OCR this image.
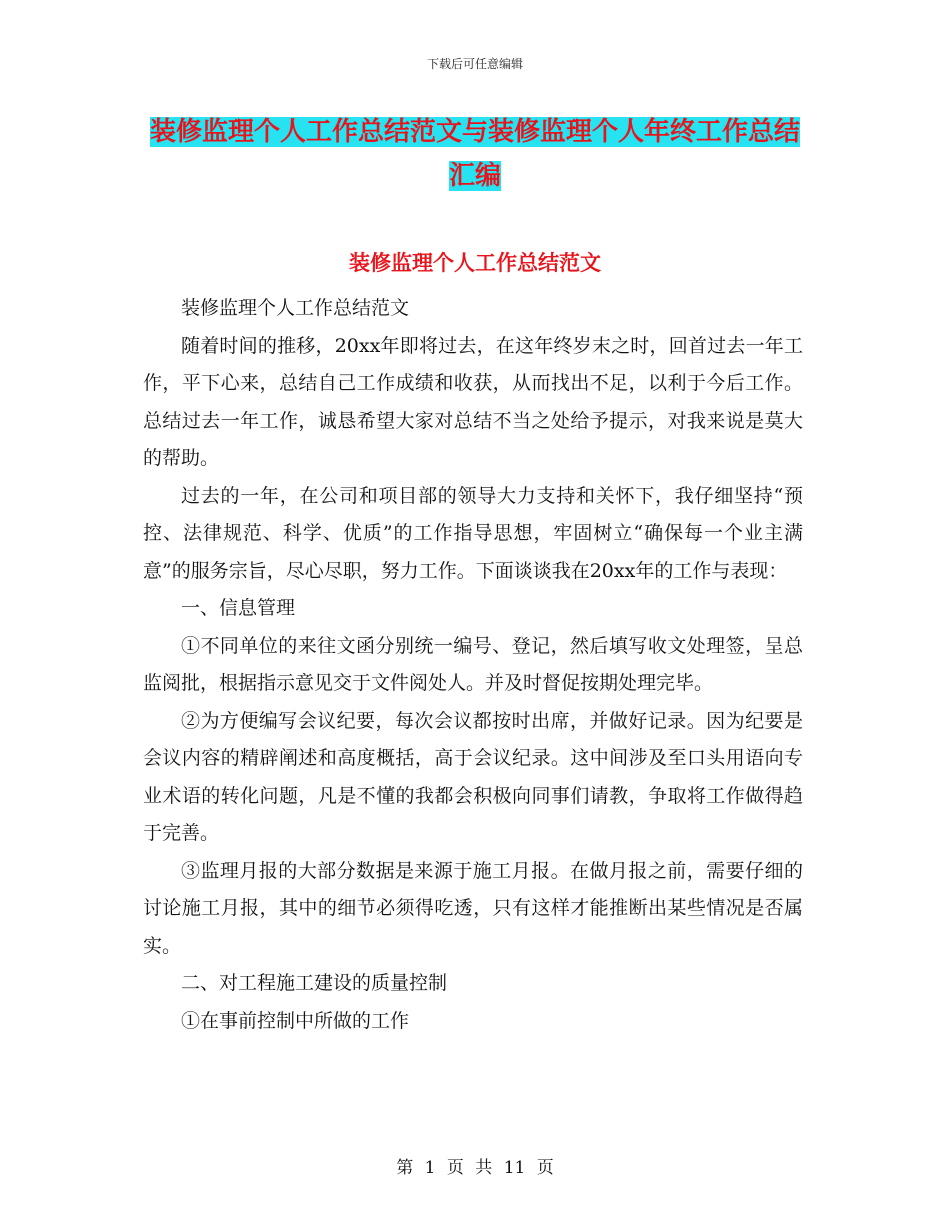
下载后可任意编辑
装修监理个人工作总结范文与装修监理个人年终工作总结汇编
装修监理个人工作总结范文

装修监理个人工作总结范文

随着时间的推移，20xx年即将过去，在这年终岁末之时，回首过去一年工作，平下心来，总结自己工作成绩和收获，从而找出不足，以利于今后工作。总结过去一年工作，诚恳希望大家对总结不当之处给予提示，对我来说是莫大的帮助。

过去的一年，在公司和项目部的领导大力支持和关怀下，我仔细坚持“预控、法律规范、科学、优质”的工作指导思想，牢固树立“确保每一个业主满意”的服务宗旨，尽心尽职，努力工作。下面谈谈我在20xx年的工作与表现：

一、信息管理

①不同单位的来往文函分别统一编号、登记，然后填写收文处理签，呈总监阅批，根据指示意见交于文件阅处人。并及时督促按期处理完毕。

②为方便编写会议纪要，每次会议都按时出席，并做好记录。因为纪要是会议内容的精辟阐述和高度概括，高于会议纪录。这中间涉及至口头用语向专业术语的转化问题，凡是不懂的我都会积极向同事们请教，争取将工作做得趋于完善。

③监理月报的大部分数据是来源于施工月报。在做月报之前，需要仔细的讨论施工月报，其中的细节必须得吃透，只有这样才能推断出某些情况是否属实。

二、对工程施工建设的质量控制

①在事前控制中所做的工作

第 1 页 共 11 页
